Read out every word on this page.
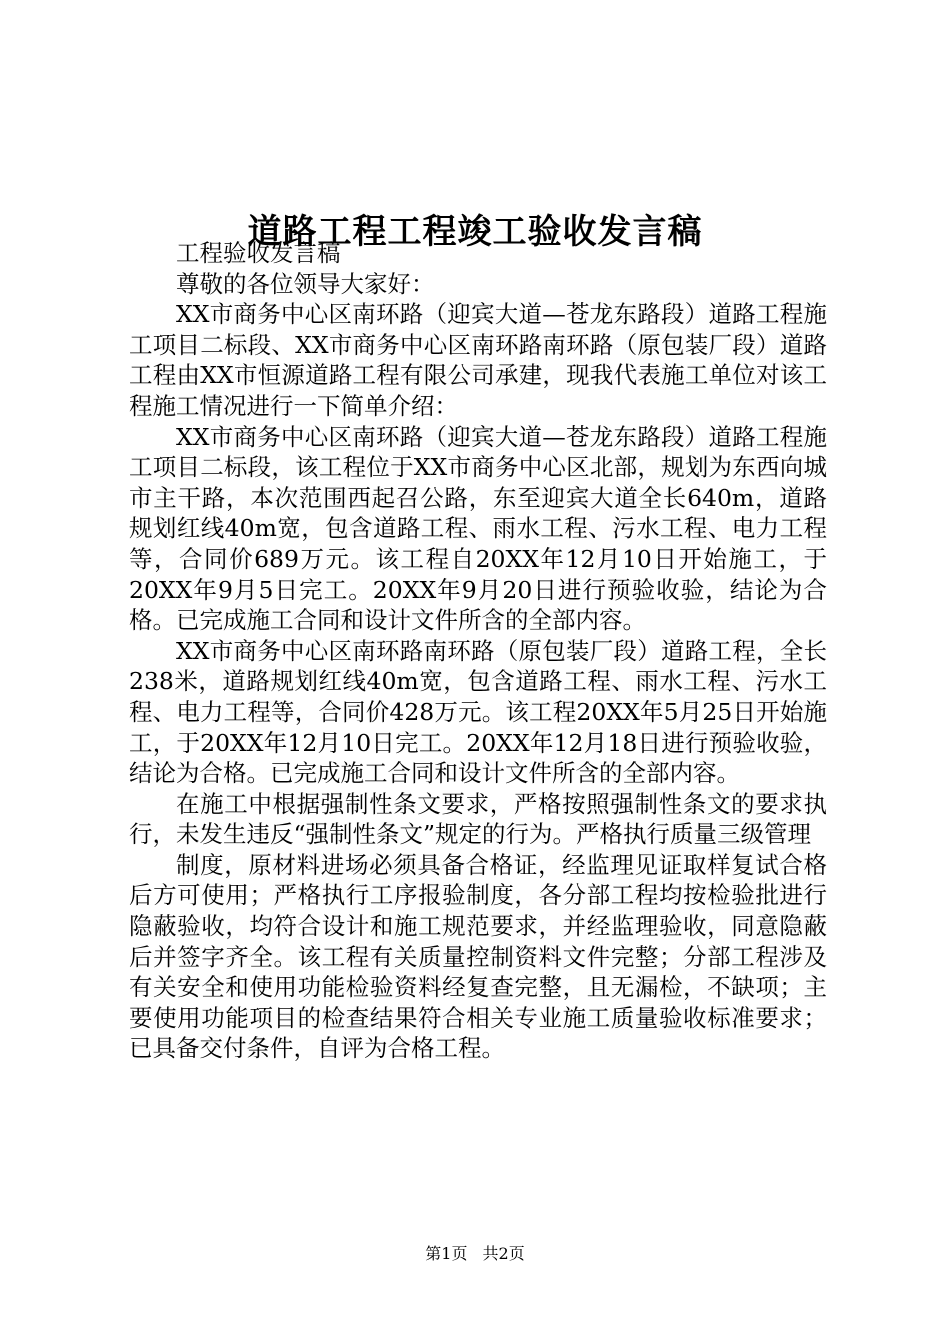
道路工程工程竣工验收发言稿

工程验收发言稿

尊敬的各位领导大家好：

XX市商务中心区南环路（迎宾大道—苍龙东路段）道路工程施工项目二标段、XX市商务中心区南环路南环路（原包装厂段）道路工程由XX市恒源道路工程有限公司承建，现我代表施工单位对该工程施工情况进行一下简单介绍：

XX市商务中心区南环路（迎宾大道—苍龙东路段）道路工程施工项目二标段，该工程位于XX市商务中心区北部，规划为东西向城市主干路，本次范围西起召公路，东至迎宾大道全长640m，道路规划红线40m宽，包含道路工程、雨水工程、污水工程、电力工程等，合同价689万元。该工程自20XX年12月10日开始施工，于20XX年9月5日完工。20XX年9月20日进行预验收验，结论为合格。已完成施工合同和设计文件所含的全部内容。

XX市商务中心区南环路南环路（原包装厂段）道路工程，全长238米，道路规划红线40m宽，包含道路工程、雨水工程、污水工程、电力工程等，合同价428万元。该工程20XX年5月25日开始施工，于20XX年12月10日完工。20XX年12月18日进行预验收验，结论为合格。已完成施工合同和设计文件所含的全部内容。

在施工中根据强制性条文要求，严格按照强制性条文的要求执行，未发生违反“强制性条文”规定的行为。严格执行质量三级管理

制度，原材料进场必须具备合格证，经监理见证取样复试合格后方可使用；严格执行工序报验制度，各分部工程均按检验批进行隐蔽验收，均符合设计和施工规范要求，并经监理验收，同意隐蔽后并签字齐全。该工程有关质量控制资料文件完整；分部工程涉及有关安全和使用功能检验资料经复查完整，且无漏检，不缺项；主要使用功能项目的检查结果符合相关专业施工质量验收标准要求；已具备交付条件，自评为合格工程。

第1页 共2页
